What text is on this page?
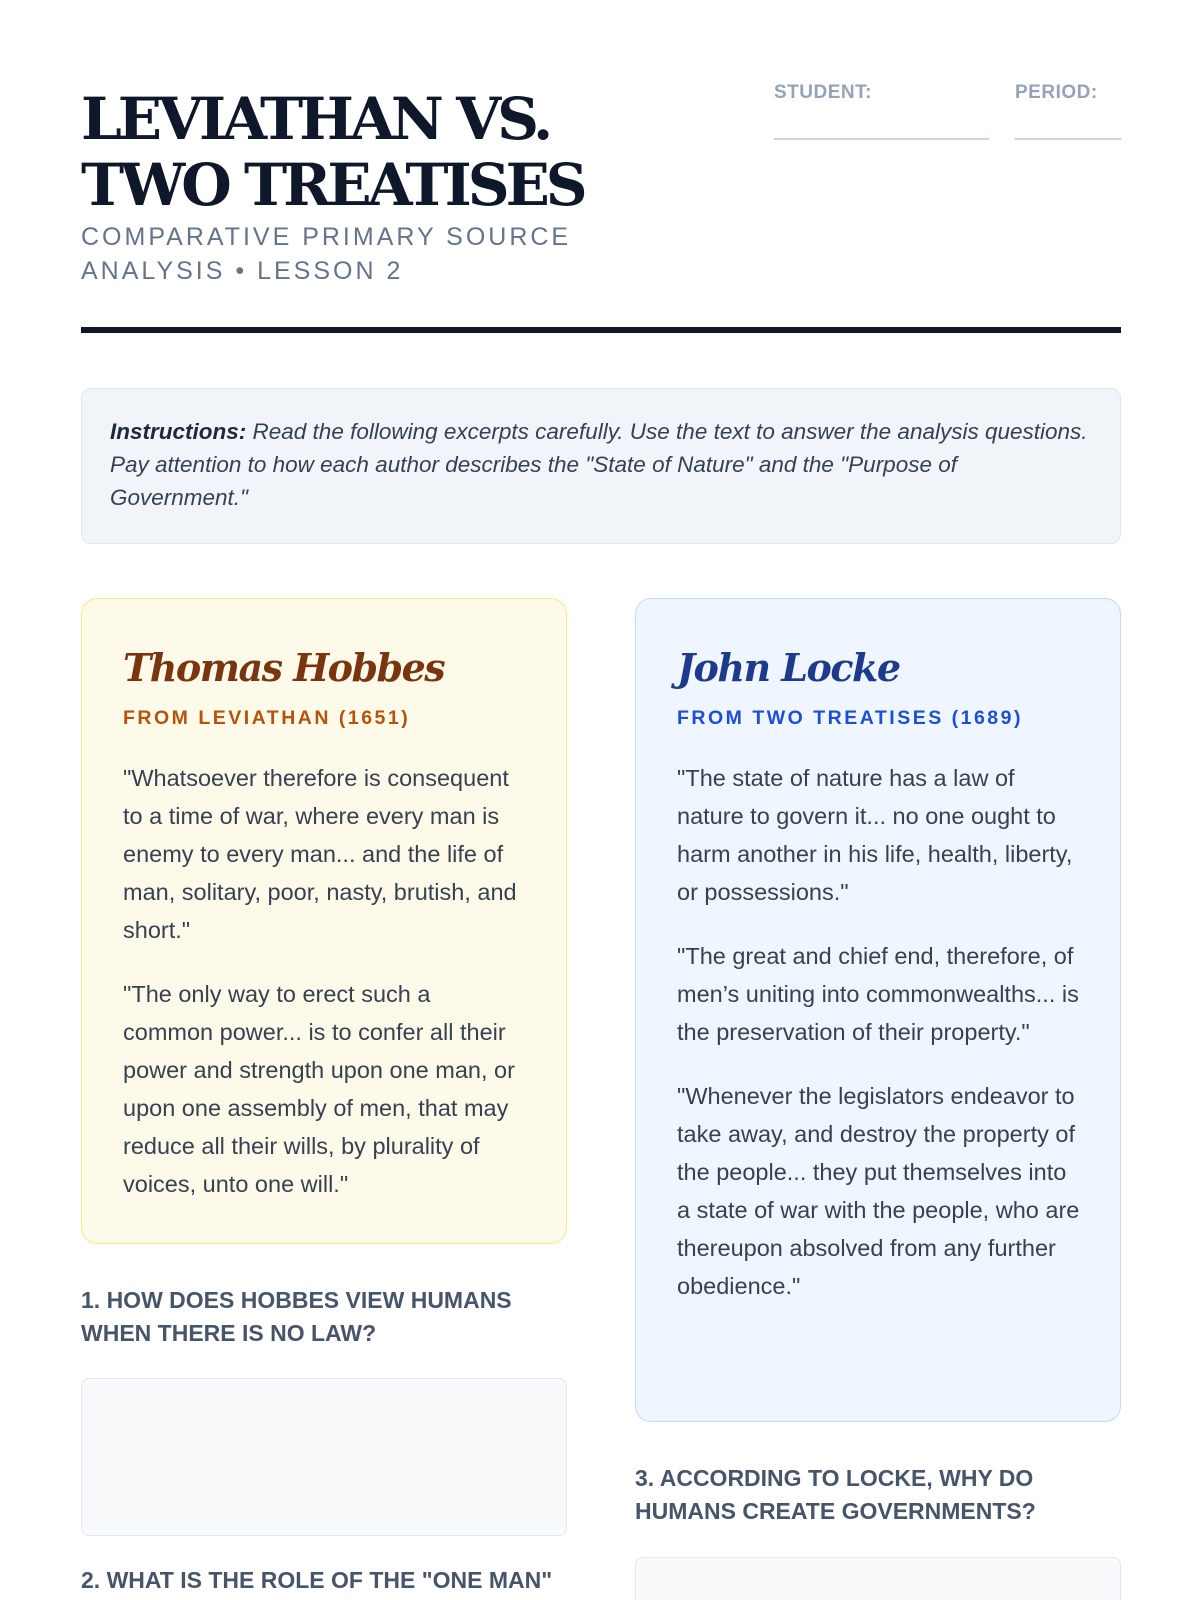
LEVIATHAN VS. TWO TREATISES
COMPARATIVE PRIMARY SOURCE ANALYSIS • LESSON 2
STUDENT:	PERIOD:
Instructions: Read the following excerpts carefully. Use the text to answer the analysis questions. Pay attention to how each author describes the "State of Nature" and the "Purpose of Government."
Thomas Hobbes
FROM LEVIATHAN (1651)

"Whatsoever therefore is consequent to a time of war, where every man is enemy to every man... and the life of man, solitary, poor, nasty, brutish, and short."

"The only way to erect such a common power... is to confer all their power and strength upon one man, or upon one assembly of men, that may reduce all their wills, by plurality of voices, unto one will."

John Locke
FROM TWO TREATISES (1689)

"The state of nature has a law of nature to govern it... no one ought to harm another in his life, health, liberty, or possessions."

"The great and chief end, therefore, of men’s uniting into commonwealths... is the preservation of their property."

"Whenever the legislators endeavor to take away, and destroy the property of the people... they put themselves into a state of war with the people, who are thereupon absolved from any further obedience."

1. HOW DOES HOBBES VIEW HUMANS WHEN THERE IS NO LAW?
2. WHAT IS THE ROLE OF THE "ONE MAN"
3. ACCORDING TO LOCKE, WHY DO HUMANS CREATE GOVERNMENTS?
